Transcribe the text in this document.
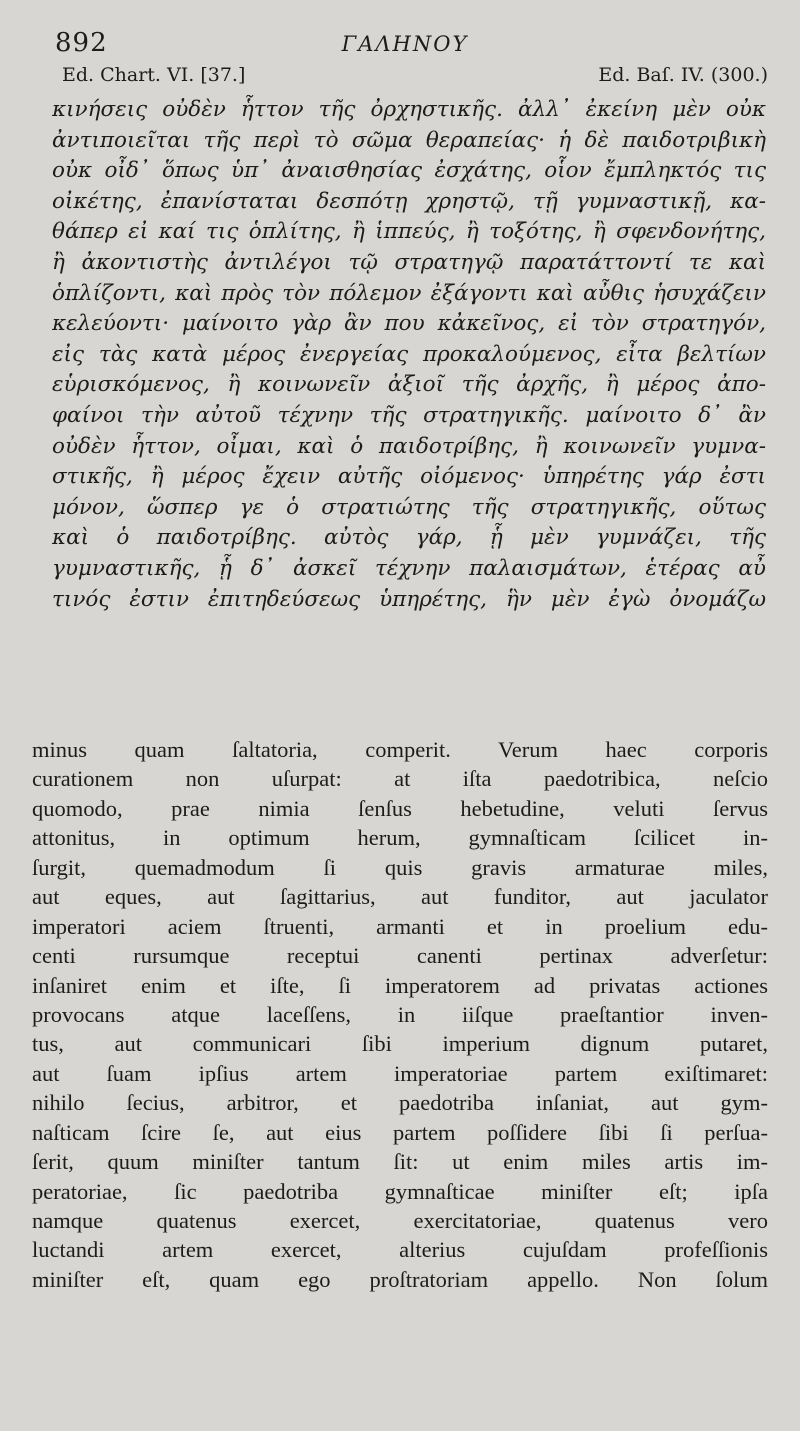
892	ΓΑΛΗΝΟΥ
Ed. Chart. VI. [37.]	Ed. Baſ. IV. (300.)
κινήσεις οὐδὲν ἧττον τῆς ὀρχηστικῆς. ἀλλ᾽ ἐκείνη μὲν οὐκ
ἀντιποιεῖται τῆς περὶ τὸ σῶμα θεραπείας· ἡ δὲ παιδοτριβικὴ
οὐκ οἶδ᾽ ὅπως ὑπ᾽ ἀναισθησίας ἐσχάτης, οἷον ἔμπληκτός τις
οἰκέτης, ἐπανίσταται δεσπότῃ χρηστῷ, τῇ γυμναστικῇ, κα-
θάπερ εἰ καί τις ὁπλίτης, ἢ ἱππεύς, ἢ τοξότης, ἢ σφενδονήτης,
ἢ ἀκοντιστὴς ἀντιλέγοι τῷ στρατηγῷ παρατάττοντί τε καὶ
ὁπλίζοντι, καὶ πρὸς τὸν πόλεμον ἐξάγοντι καὶ αὖθις ἡσυχάζειν
κελεύοντι· μαίνοιτο γὰρ ἂν που κἀκεῖνος, εἰ τὸν στρατηγόν,
εἰς τὰς κατὰ μέρος ἐνεργείας προκαλούμενος, εἶτα βελτίων
εὑρισκόμενος, ἢ κοινωνεῖν ἀξιοῖ τῆς ἀρχῆς, ἢ μέρος ἀπο-
φαίνοι τὴν αὐτοῦ τέχνην τῆς στρατηγικῆς. μαίνοιτο δ᾽ ἂν
οὐδὲν ἧττον, οἶμαι, καὶ ὁ παιδοτρίβης, ἢ κοινωνεῖν γυμνα-
στικῆς, ἢ μέρος ἔχειν αὐτῆς οἰόμενος· ὑπηρέτης γάρ ἐστι
μόνον, ὥσπερ γε ὁ στρατιώτης τῆς στρατηγικῆς, οὕτως
καὶ ὁ παιδοτρίβης. αὐτὸς γάρ, ᾗ μὲν γυμνάζει, τῆς
γυμναστικῆς, ᾗ δ᾽ ἀσκεῖ τέχνην παλαισμάτων, ἑτέρας αὖ
τινός ἐστιν ἐπιτηδεύσεως ὑπηρέτης, ἣν μὲν ἐγὼ ὀνομάζω
minus quam ſaltatoria, comperit. Verum haec corporis
curationem non uſurpat: at iſta paedotribica, neſcio
quomodo, prae nimia ſenſus hebetudine, veluti ſervus
attonitus, in optimum herum, gymnaſticam ſcilicet in-
ſurgit, quemadmodum ſi quis gravis armaturae miles,
aut eques, aut ſagittarius, aut funditor, aut jaculator
imperatori aciem ſtruenti, armanti et in proelium edu-
centi rursumque receptui canenti pertinax adverſetur:
inſaniret enim et iſte, ſi imperatorem ad privatas actiones
provocans atque laceſſens, in iiſque praeſtantior inven-
tus, aut communicari ſibi imperium dignum putaret,
aut ſuam ipſius artem imperatoriae partem exiſtimaret:
nihilo ſecius, arbitror, et paedotriba inſaniat, aut gym-
naſticam ſcire ſe, aut eius partem poſſidere ſibi ſi perſua-
ſerit, quum miniſter tantum ſit: ut enim miles artis im-
peratoriae, ſic paedotriba gymnaſticae miniſter eſt; ipſa
namque quatenus exercet, exercitatoriae, quatenus vero
luctandi artem exercet, alterius cujuſdam profeſſionis
miniſter eſt, quam ego proſtratoriam appello. Non ſolum
